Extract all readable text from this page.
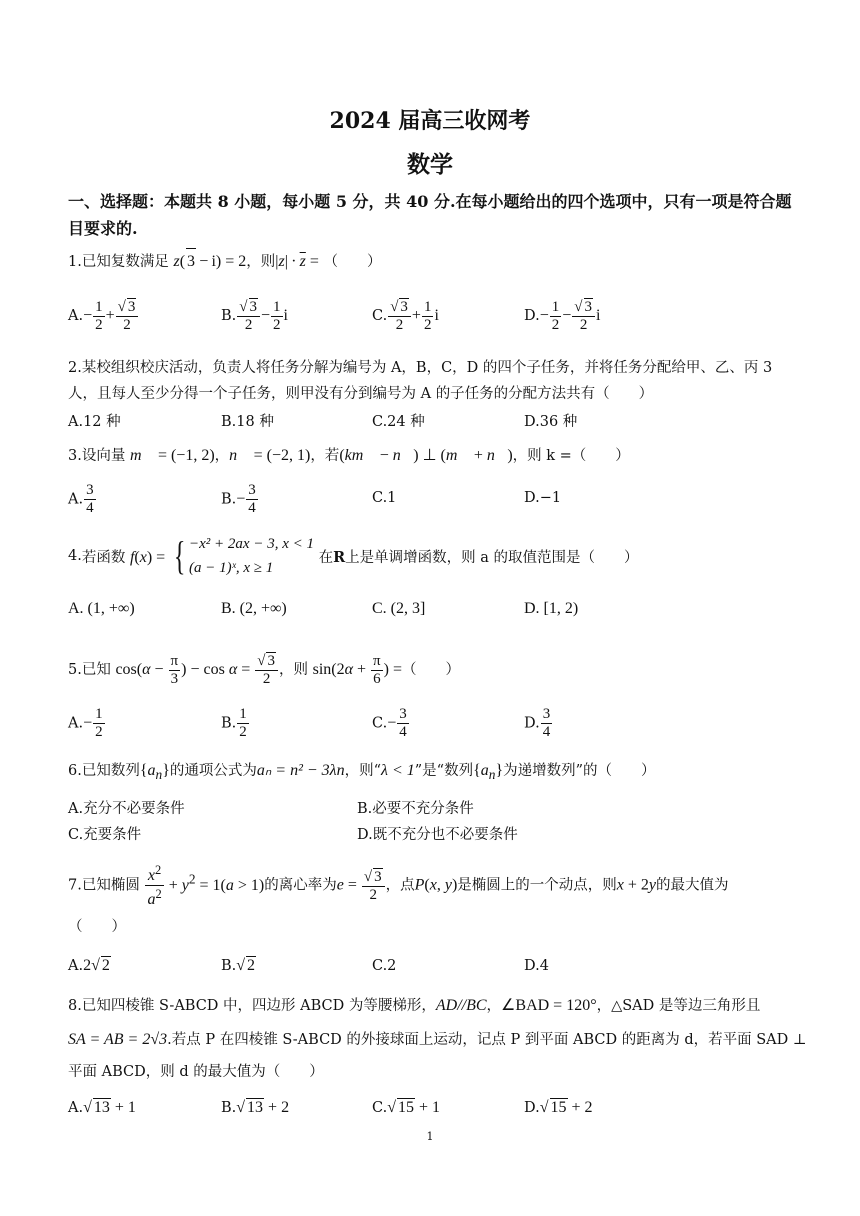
2024 届高三收网考
数学
一、选择题：本题共 8 小题，每小题 5 分，共 40 分.在每小题给出的四个选项中，只有一项是符合题目要求的.
1.已知复数满足 z( 3 − i) = 2，则$|z| \cdot \overline{z}$ = （　　）
$A.- \frac{1}{2} + \frac{√ 3}{2}$	B. $\frac{√ 3}{2} - \frac{1}{2}$ i	C. $\frac{√ 3}{2} + \frac{1}{2}$ i	$D.- \frac{1}{2} - \frac{√ 3}{2}$ i
2.某校组织校庆活动，负责人将任务分解为编号为 A，B，C，D 的四个子任务，并将任务分配给甲、乙、丙 3
人，且每人至少分得一个子任务，则甲没有分到编号为 A 的子任务的分配方法共有（　　）
A.12 种	B.18 种	C.24 种	D.36 种
3.设向量 m⃗ = (−1, 2)，n⃗ = (−2, 1)，若(km⃗ − n⃗) ⊥ (m⃗ + n⃗)，则 k =（　　）
A. $\frac{3}{4}$	$B.- \frac{3}{4}$	C.1	D.−1
4.若函数 f(x) = { −x² + 2ax − 3, x < 1
(a − 1)ˣ, x ≥ 1 在R上是单调增函数，则 a 的取值范围是（　　）
A. (1, +∞)	B. (2, +∞)	C. (2, 3]	D. [1, 2)
5.已知 $\cos(\alpha - \frac{\pi}{3}$ ) − $\cos \alpha = \frac{√ 3}{2}$ ，则 $\sin(2\alpha + \frac{\pi}{6}$ ) =（　　）
$A.- \frac{1}{2}$	B. $\frac{1}{2}$	$C.- \frac{3}{4}$	D. $\frac{3}{4}$
6.已知数列$\{a_n\}$的通项公式为aₙ = n² − 3λn，则“λ < 1”是“数列$\{a_n\}$为递增数列”的（　　）
A.充分不必要条件	B.必要不充分条件
C.充要条件	D.既不充分也不必要条件
7.已知椭圆 $\frac{x^2}{a^2} + y^2 = 1(a > 1)$的离心率为$e = \frac{√ 3}{2}$ ，点P(x, y)是椭圆上的一个动点，则x + 2y的最大值为
（　　）
A.2√ 2	B.√ 2	C.2	D.4
8.已知四棱锥 S-ABCD 中，四边形 ABCD 为等腰梯形，AD//BC，∠BAD = 120°，△SAD 是等边三角形且
SA = AB = 2√3.若点 P 在四棱锥 S-ABCD 的外接球面上运动，记点 P 到平面 ABCD 的距离为 d，若平面 SAD ⊥
平面 ABCD，则 d 的最大值为（　　）
A.√ 13 + 1	B.√ 13 + 2	C.√ 15 + 1	D.√ 15 + 2
1
